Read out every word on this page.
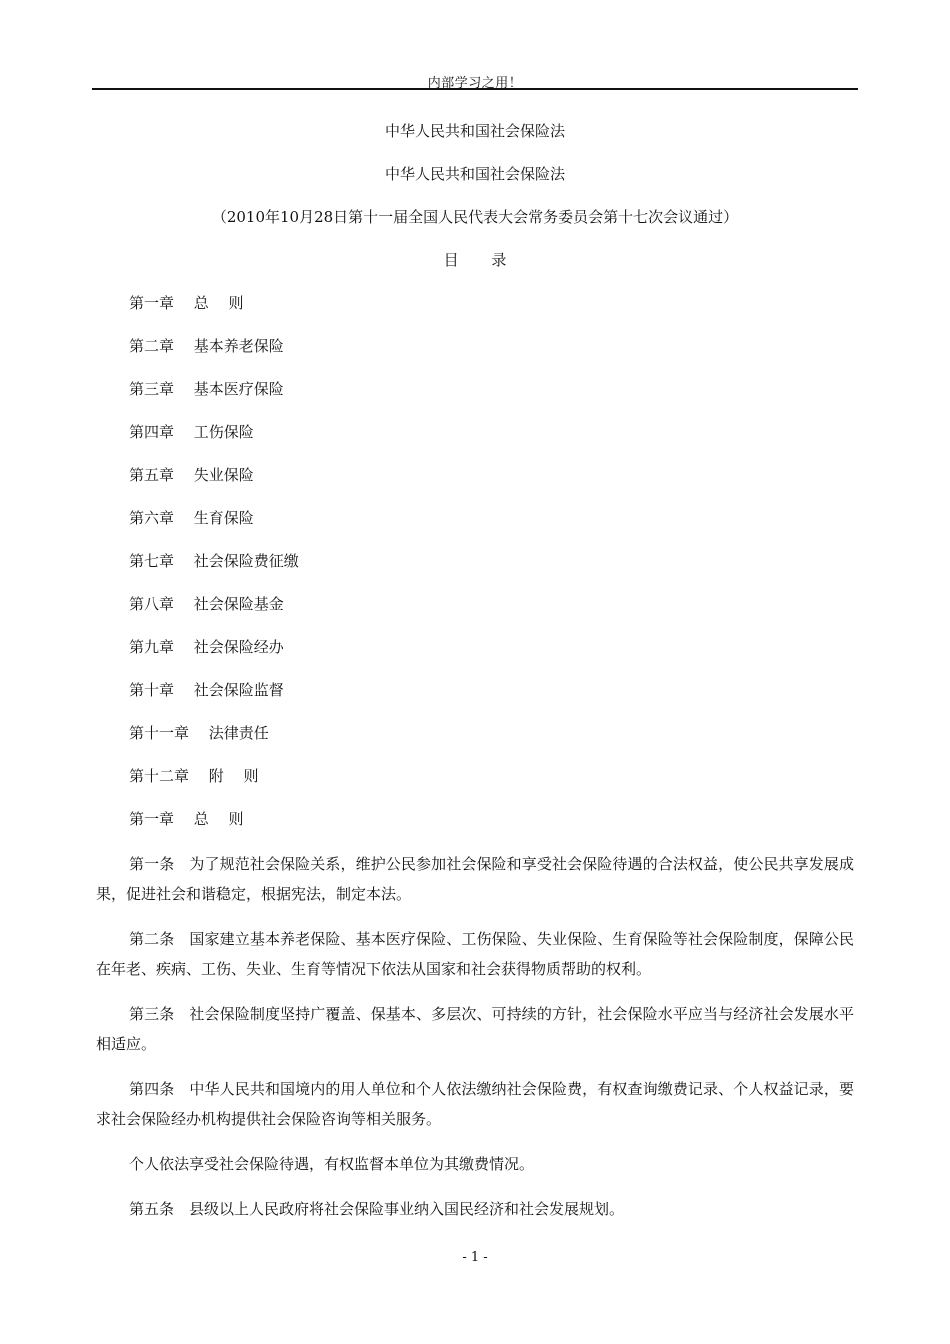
内部学习之用！
中华人民共和国社会保险法
中华人民共和国社会保险法
（2010年10月28日第十一届全国人民代表大会常务委员会第十七次会议通过）
目 录
第一章　 总　 则
第二章　 基本养老保险
第三章　 基本医疗保险
第四章　 工伤保险
第五章　 失业保险
第六章　 生育保险
第七章　 社会保险费征缴
第八章　 社会保险基金
第九章　 社会保险经办
第十章　 社会保险监督
第十一章　 法律责任
第十二章　 附　 则
第一章　 总　 则

第一条　为了规范社会保险关系，维护公民参加社会保险和享受社会保险待遇的合法权益，使公民共享发展成果，促进社会和谐稳定，根据宪法，制定本法。

第二条　国家建立基本养老保险、基本医疗保险、工伤保险、失业保险、生育保险等社会保险制度，保障公民在年老、疾病、工伤、失业、生育等情况下依法从国家和社会获得物质帮助的权利。

第三条　社会保险制度坚持广覆盖、保基本、多层次、可持续的方针，社会保险水平应当与经济社会发展水平相适应。

第四条　中华人民共和国境内的用人单位和个人依法缴纳社会保险费，有权查询缴费记录、个人权益记录，要求社会保险经办机构提供社会保险咨询等相关服务。

个人依法享受社会保险待遇，有权监督本单位为其缴费情况。

第五条　县级以上人民政府将社会保险事业纳入国民经济和社会发展规划。

- 1 -
